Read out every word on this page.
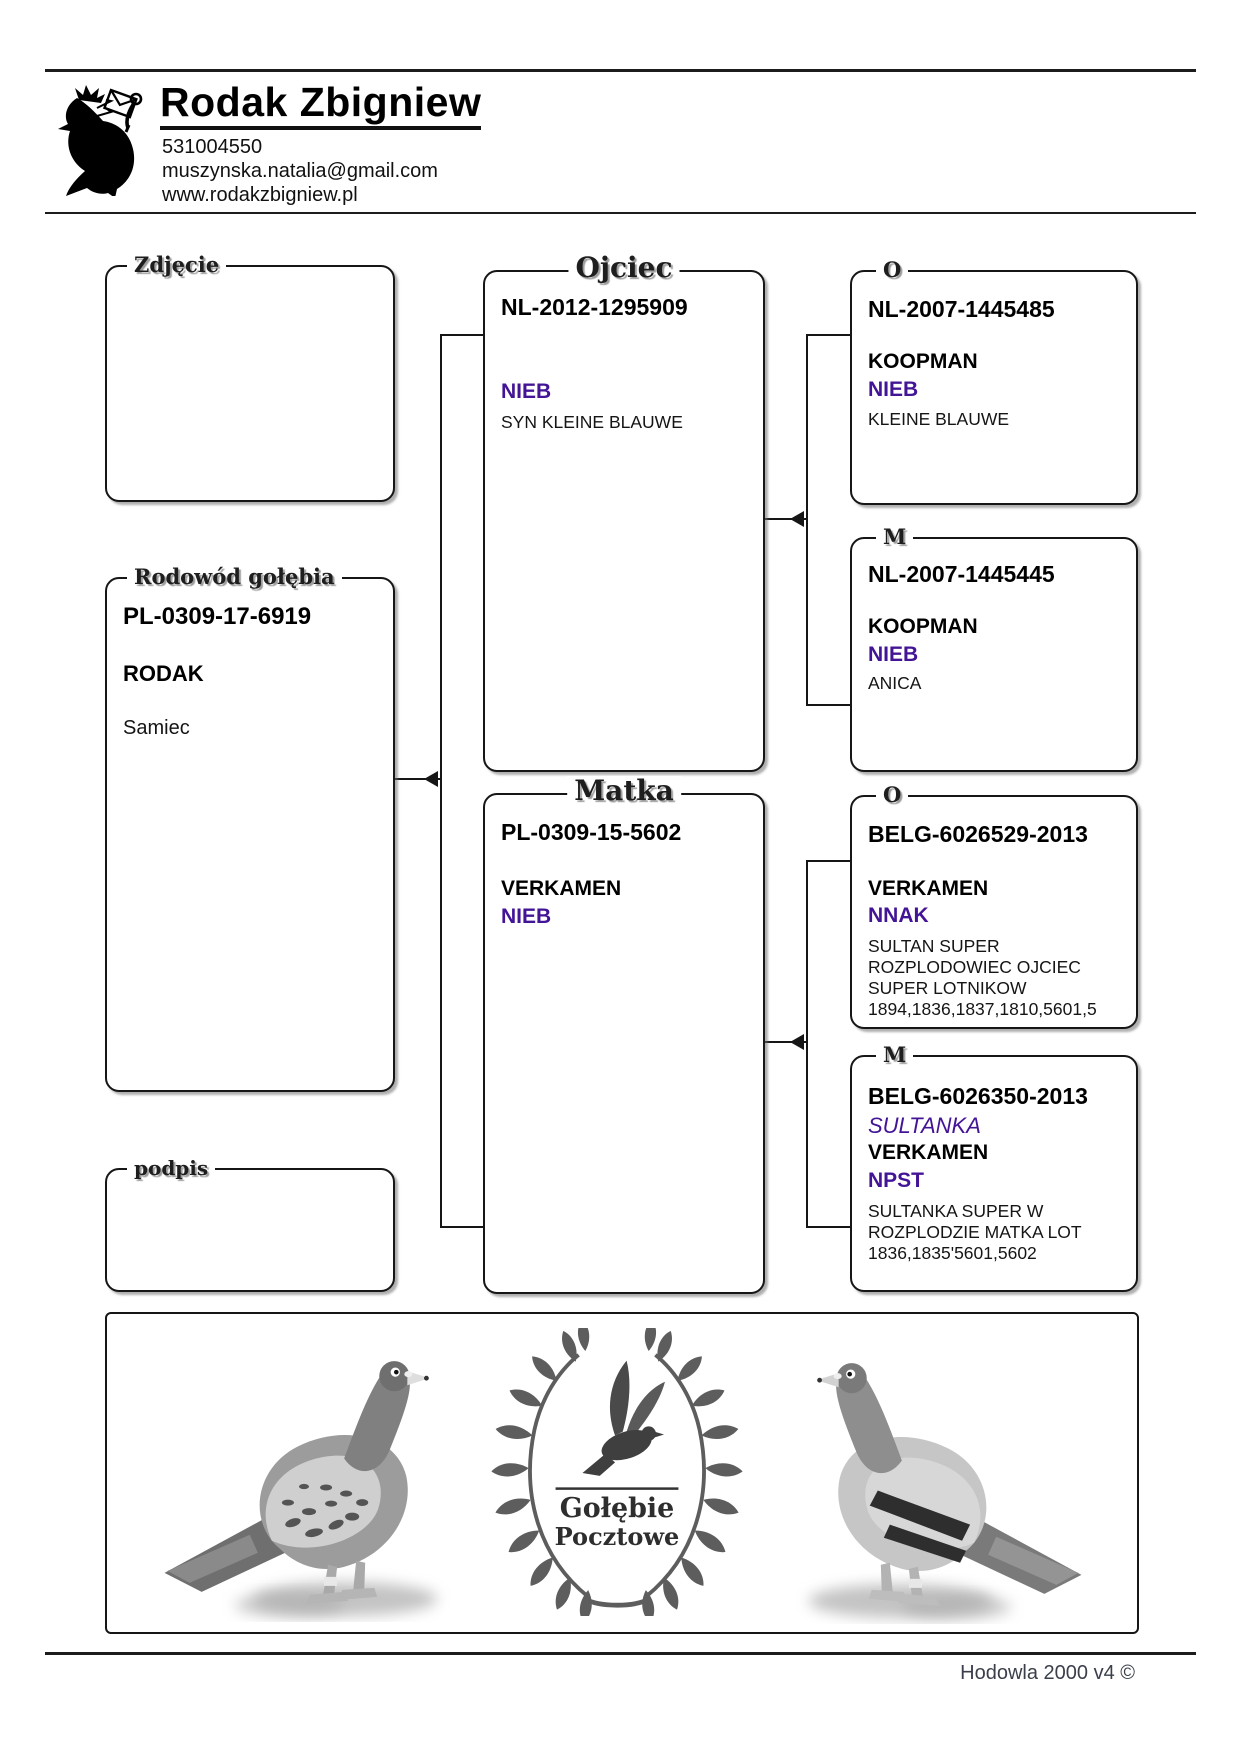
Rodak Zbigniew
531004550
muszynska.natalia@gmail.com
www.rodakzbigniew.pl
Zdjęcie
Rodowód gołębia
PL-0309-17-6919
RODAK
Samiec
podpis
Ojciec
NL-2012-1295909
NIEB
SYN KLEINE BLAUWE
Matka
PL-0309-15-5602
VERKAMEN
NIEB
O
NL-2007-1445485
KOOPMAN
NIEB
KLEINE BLAUWE
M
NL-2007-1445445
KOOPMAN
NIEB
ANICA
O
BELG-6026529-2013
VERKAMEN
NNAK
SULTAN SUPER ROZPLODOWIEC OJCIEC SUPER LOTNIKOW 1894,1836,1837,1810,5601,5
M
BELG-6026350-2013
SULTANKA
VERKAMEN
NPST
SULTANKA SUPER W ROZPLODZIE MATKA LOT 1836,1835'5601,5602
Gołębie
Pocztowe
Hodowla 2000 v4 ©
